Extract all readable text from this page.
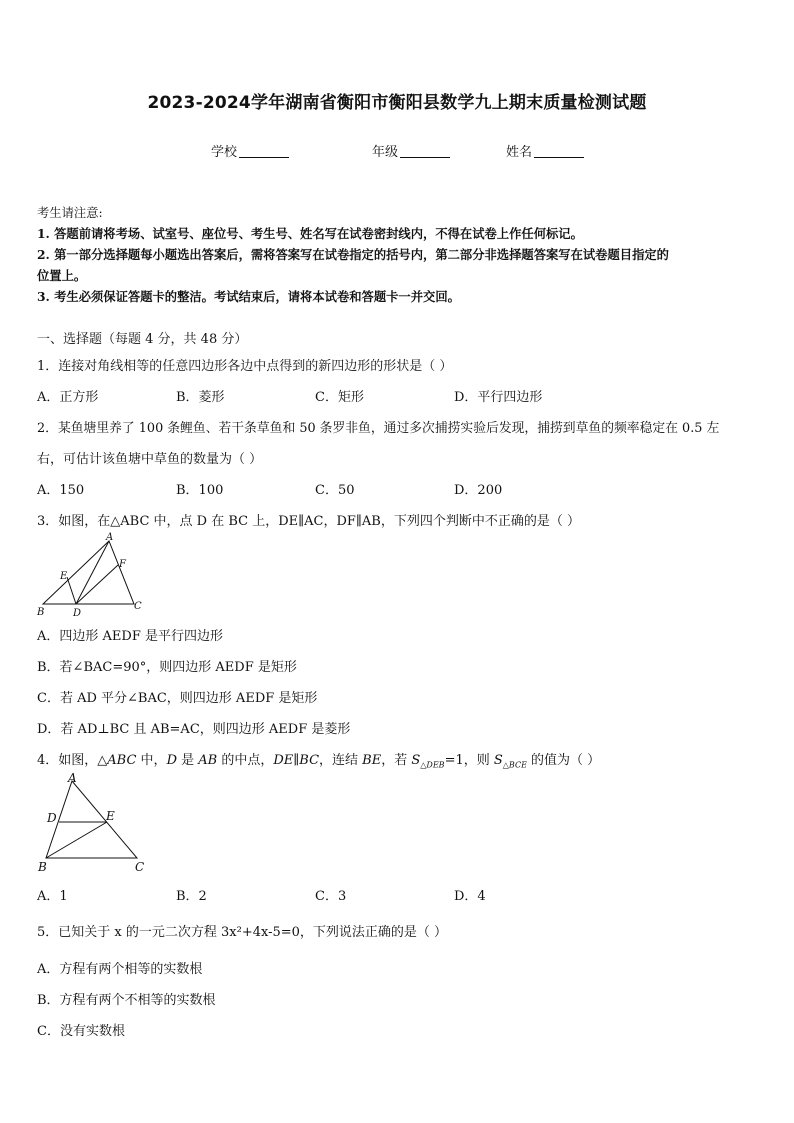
2023-2024学年湖南省衡阳市衡阳县数学九上期末质量检测试题
学校	年级	姓名
考生请注意:
1. 答题前请将考场、试室号、座位号、考生号、姓名写在试卷密封线内，不得在试卷上作任何标记。
2. 第一部分选择题每小题选出答案后，需将答案写在试卷指定的括号内，第二部分非选择题答案写在试卷题目指定的
位置上。
3. 考生必须保证答题卡的整洁。考试结束后，请将本试卷和答题卡一并交回。
一、选择题（每题 4 分，共 48 分）
1．连接对角线相等的任意四边形各边中点得到的新四边形的形状是（ ）
A．正方形	B．菱形	C．矩形	D．平行四边形
2．某鱼塘里养了 100 条鲤鱼、若干条草鱼和 50 条罗非鱼，通过多次捕捞实验后发现，捕捞到草鱼的频率稳定在 0.5 左
右，可估计该鱼塘中草鱼的数量为（ ）
A．150	B．100	C．50	D．200
3．如图，在△ABC 中，点 D 在 BC 上，DE∥AC，DF∥AB，下列四个判断中不正确的是（ ）
A
E
F
B	D
C
A．四边形 AEDF 是平行四边形
B．若∠BAC=90°，则四边形 AEDF 是矩形
C．若 AD 平分∠BAC，则四边形 AEDF 是矩形
D．若 AD⊥BC 且 AB=AC，则四边形 AEDF 是菱形
4．如图，△ABC 中，D 是 AB 的中点，DE∥BC，连结 BE，若 $S_{\triangle DEB}=1$，则 $S_{\triangle BCE}$ 的值为（ ）
A
D	E
B	C
A．1	B．2	C．3	D．4
5．已知关于 x 的一元二次方程 3x²+4x-5=0，下列说法正确的是（ ）
A．方程有两个相等的实数根
B．方程有两个不相等的实数根
C．没有实数根
